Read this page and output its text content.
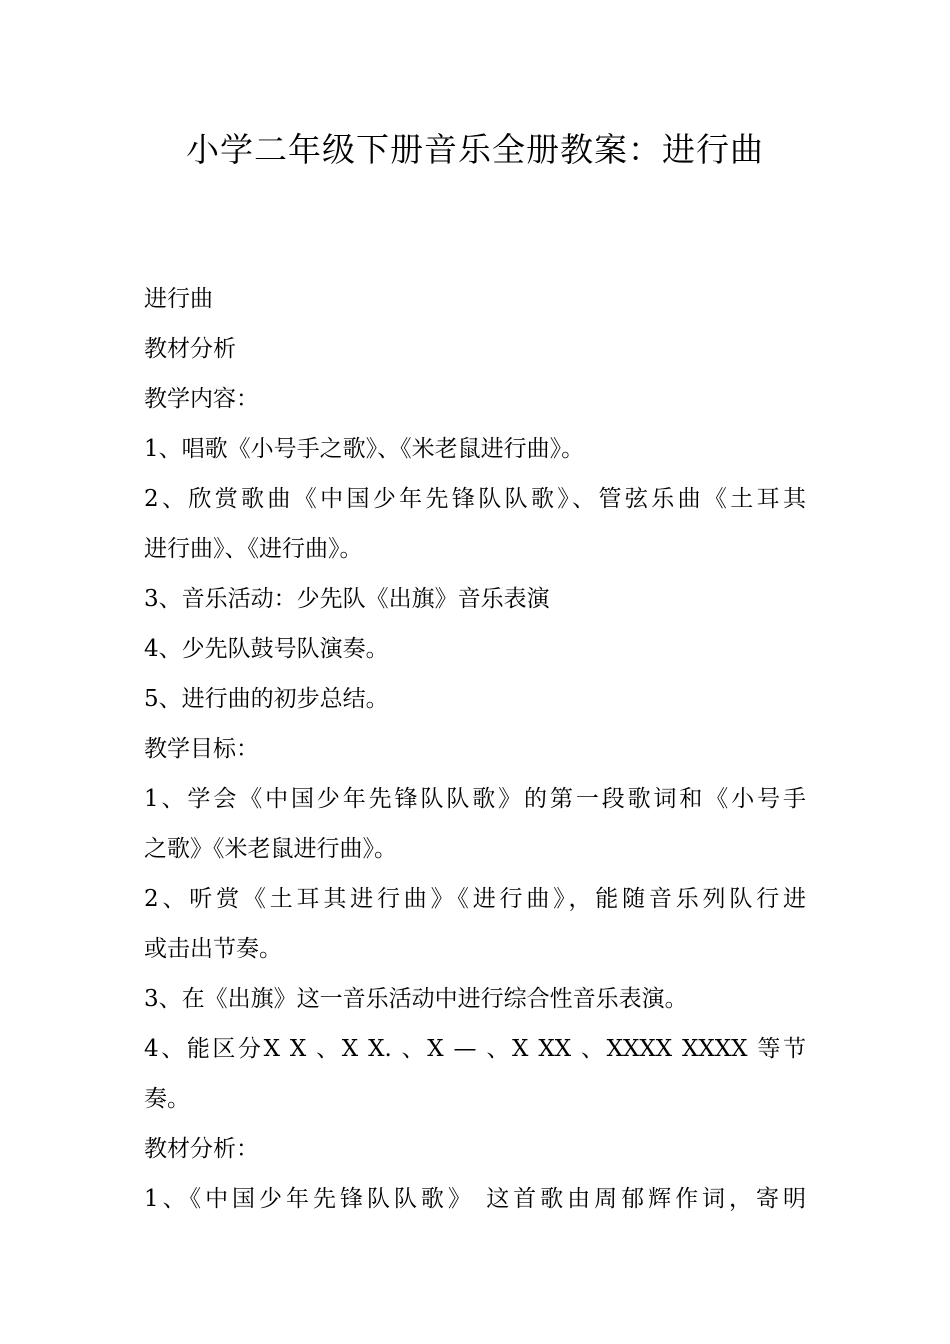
小学二年级下册音乐全册教案：进行曲
进行曲
教材分析
教学内容：
1、唱歌《小号手之歌》、《米老鼠进行曲》。
2、欣赏歌曲《中国少年先锋队队歌》、管弦乐曲《土耳其
进行曲》、《进行曲》。
3、音乐活动：少先队《出旗》音乐表演
4、少先队鼓号队演奏。
5、进行曲的初步总结。
教学目标：
1、学会《中国少年先锋队队歌》的第一段歌词和《小号手
之歌》《米老鼠进行曲》。
2、听赏《土耳其进行曲》《进行曲》，能随音乐列队行进
或击出节奏。
3、在《出旗》这一音乐活动中进行综合性音乐表演。
4、能区分X X 、X X. 、X — 、X XX 、XXXX XXXX 等节
奏。
教材分析：
1、《中国少年先锋队队歌》 这首歌由周郁辉作词，寄明
